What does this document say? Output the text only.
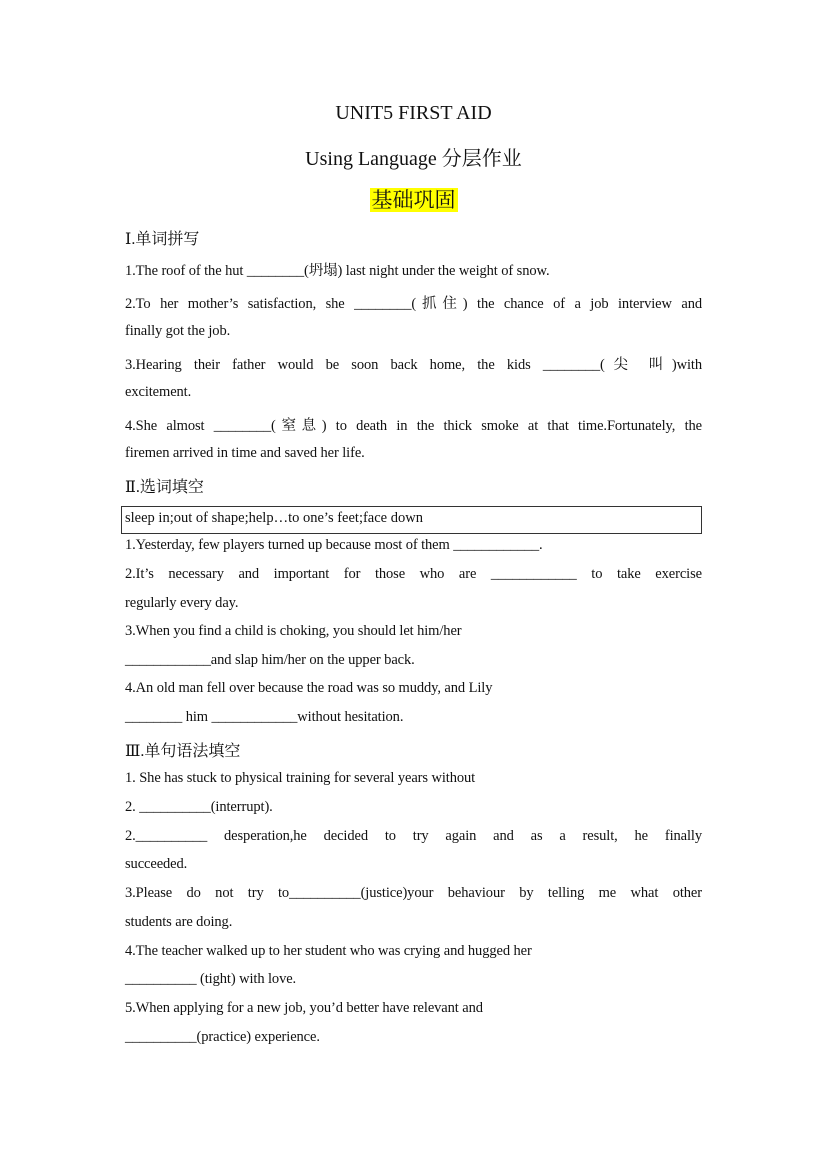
UNIT5 FIRST AID
Using Language 分层作业
基础巩固
Ⅰ.单词拼写
1.The roof of the hut ________(坍塌) last night under the weight of snow.
2.To her mother’s satisfaction, she ________(抓住) the chance of a job interview and
finally got the job.
3.Hearing their father would be soon back home, the kids ________(尖 叫)with
excitement.
4.She almost ________(窒息) to death in the thick smoke at that time.Fortunately, the
firemen arrived in time and saved her life.
Ⅱ.选词填空
sleep in;out of shape;help…to one’s feet;face down
1.Yesterday, few players turned up because most of them ____________.
2.It’s necessary and important for those who are ____________ to take exercise
regularly every day.
3.When you find a child is choking, you should let him/her
____________and slap him/her on the upper back.
4.An old man fell over because the road was so muddy, and Lily
________ him ____________without hesitation.
Ⅲ.单句语法填空
1. She has stuck to physical training for several years without
2. __________(interrupt).
2.__________ desperation,he decided to try again and as a result, he finally
succeeded.
3.Please do not try to__________(justice)your behaviour by telling me what other
students are doing.
4.The teacher walked up to her student who was crying and hugged her
__________ (tight) with love.
5.When applying for a new job, you’d better have relevant and
__________(practice) experience.
